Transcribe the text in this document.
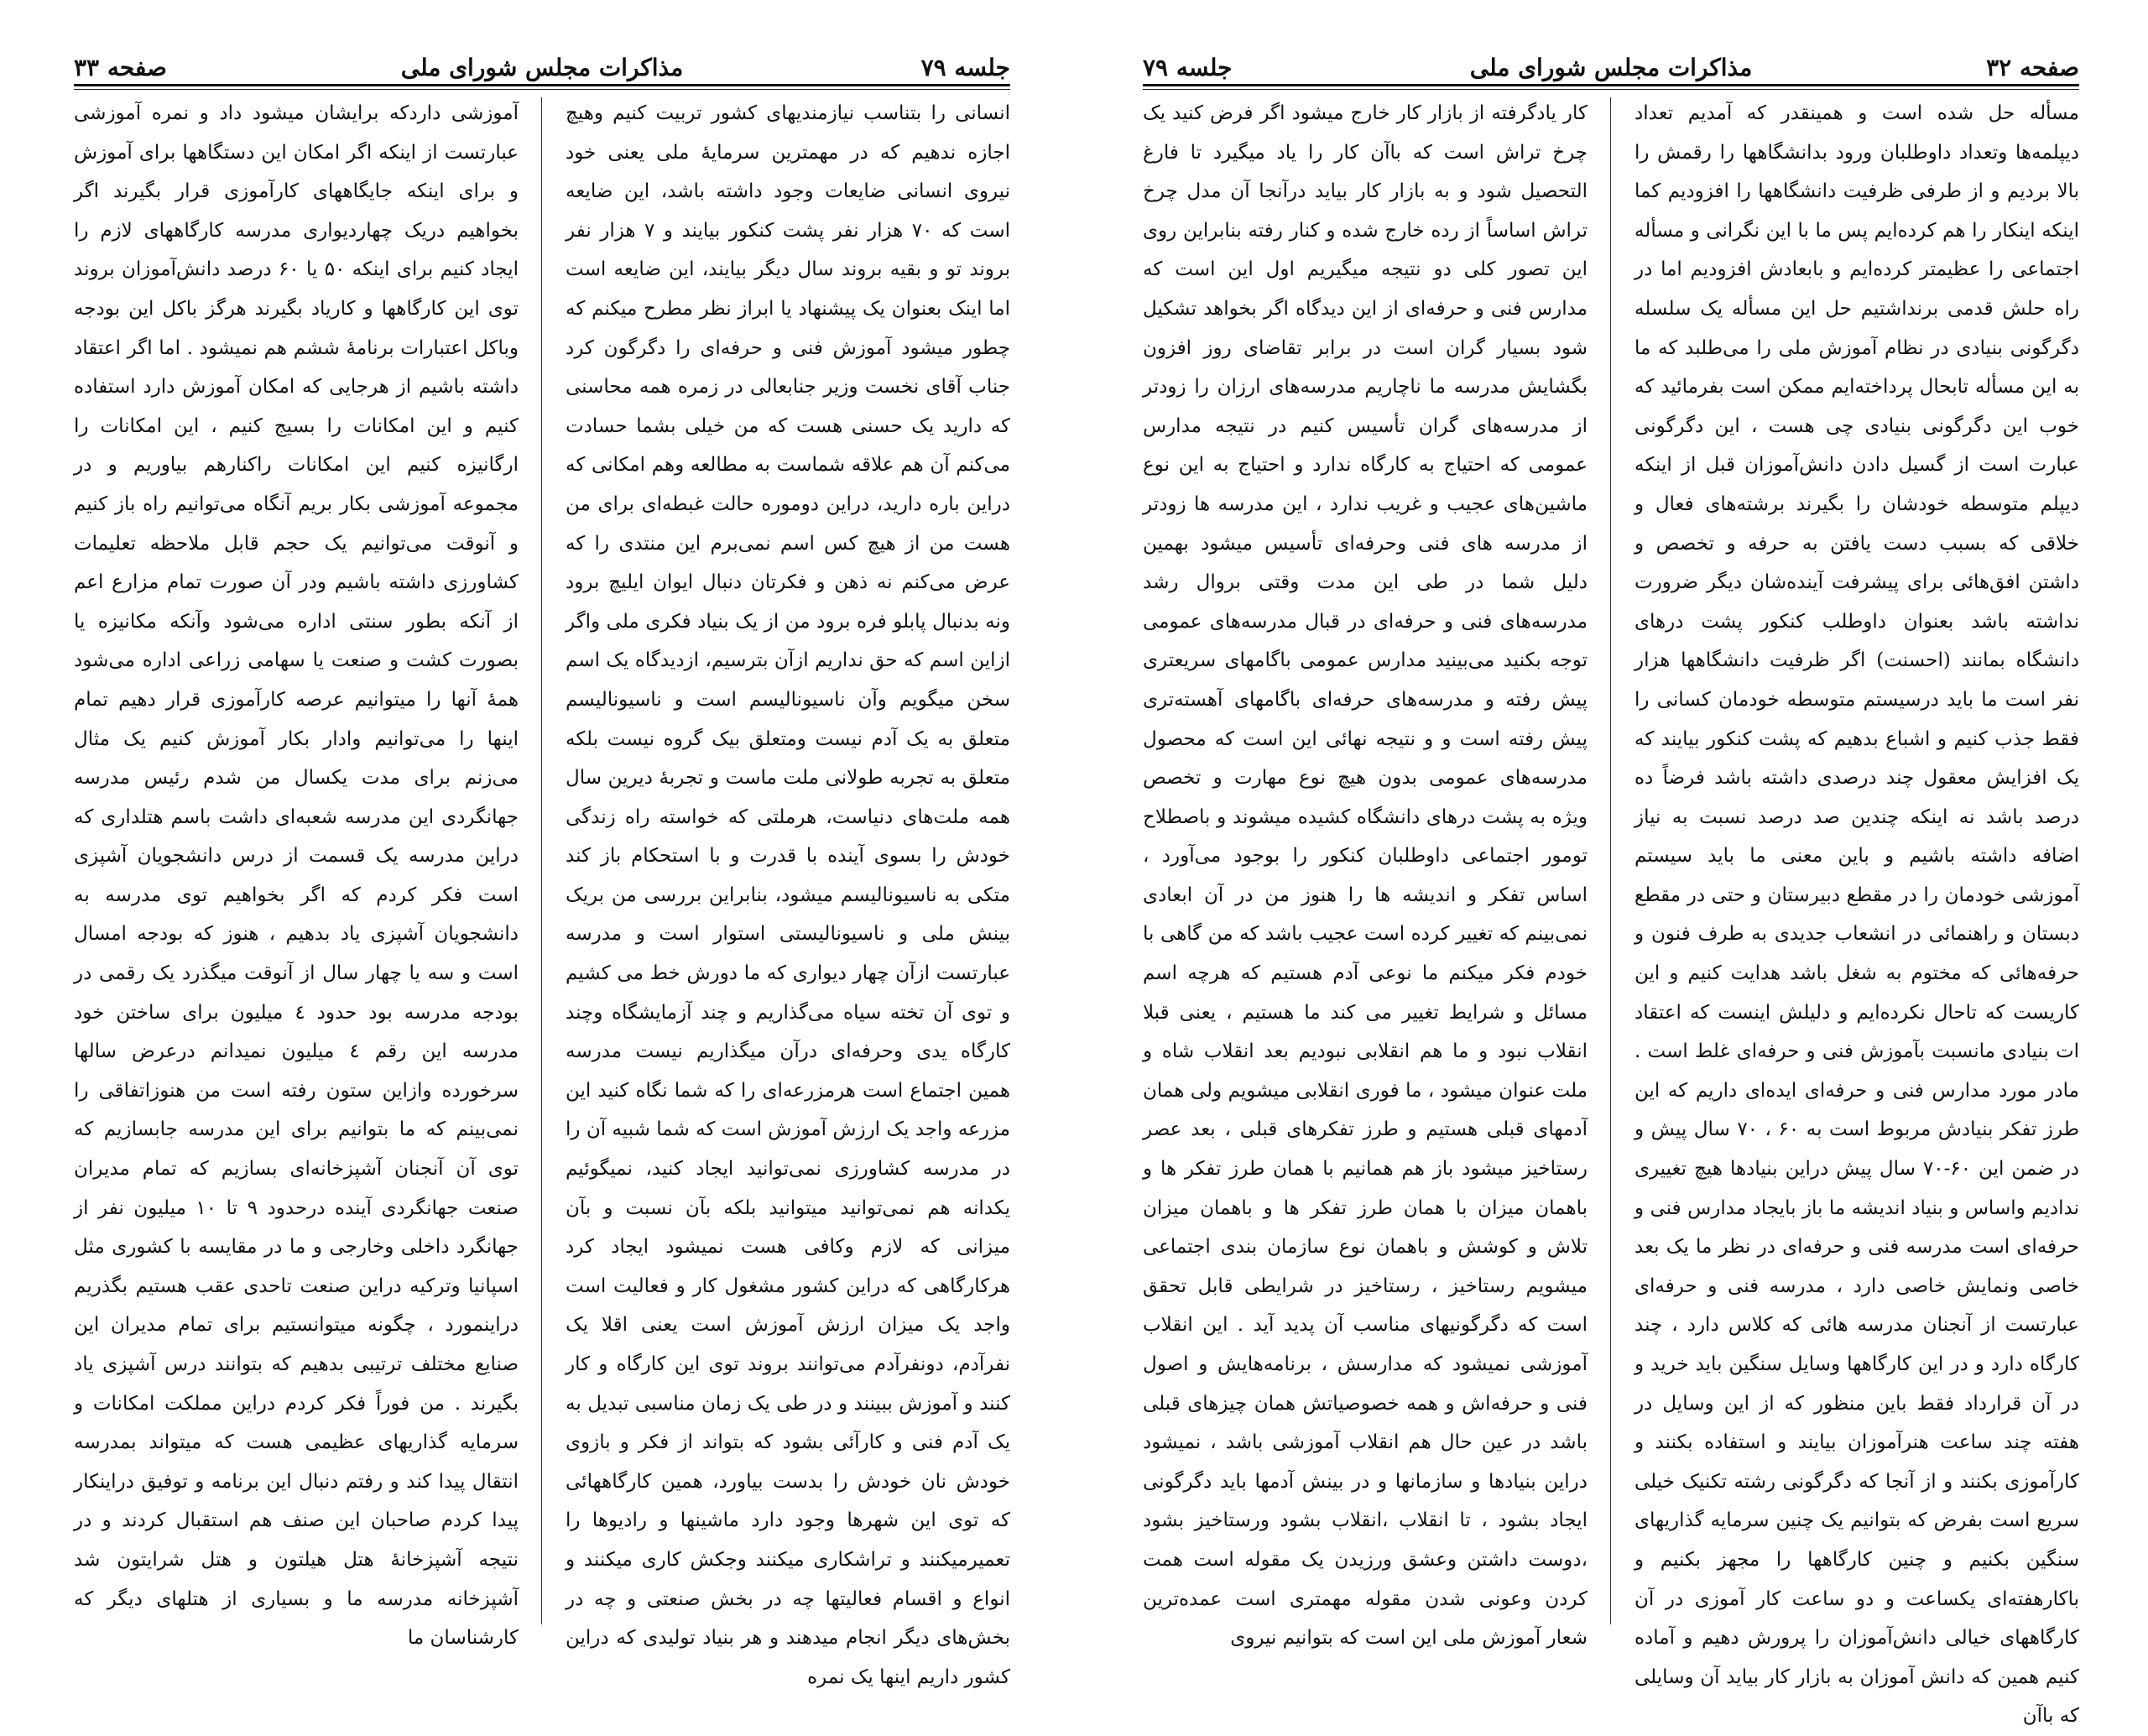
جلسه ۷۹
مذاکرات مجلس شورای ملی
صفحه ۳۳
انسانی را بتناسب نیازمندیهای کشور تربیت کنیم وهیچ اجازه ندهیم که در مهمترین سرمایهٔ ملی یعنی خود نیروی انسانی ضایعات وجود داشته باشد، این ضایعه است که ۷۰ هزار نفر پشت کنکور بیایند و ۷ هزار نفر بروند تو و بقیه بروند سال دیگر بیایند، این ضایعه است اما اینک بعنوان یک پیشنهاد یا ابراز نظر مطرح میکنم که چطور میشود آموزش فنی و حرفه‌ای را دگرگون کرد جناب آقای نخست وزیر جنابعالی در زمره همه محاسنی که دارید یک حسنی هست که من خیلی بشما حسادت می‌کنم آن هم علاقه شماست به مطالعه وهم امکانی که دراین باره دارید، دراین دوموره حالت غبطه‌ای برای من هست من از هیچ کس اسم نمی‌برم این منتدی را که عرض می‌کنم نه ذهن و فکرتان دنبال ایوان ایلیچ برود ونه بدنبال پابلو فره برود من از یک بنیاد فکری ملی واگر ازاین اسم که حق نداریم ازآن بترسیم، ازدیدگاه یک اسم سخن میگویم وآن ناسیونالیسم است و ناسیونالیسم متعلق به یک آدم نیست ومتعلق بیک گروه نیست بلکه متعلق به تجربه طولانی ملت ماست و تجربهٔ دیرین سال همه ملت‌های دنیاست، هرملتی که خواسته راه زندگی خودش را بسوی آینده با قدرت و با استحکام باز کند متکی به ناسیونالیسم میشود، بنابراین بررسی من بریک بینش ملی و ناسیونالیستی استوار است و مدرسه عبارتست ازآن چهار دیواری که ما دورش خط می کشیم و توی آن تخته سیاه می‌گذاریم و چند آزمایشگاه وچند کارگاه یدی وحرفه‌ای درآن میگذاریم نیست مدرسه همین اجتماع است هرمزرعه‌ای را که شما نگاه کنید این مزرعه واجد یک ارزش آموزش است که شما شبیه آن را در مدرسه کشاورزی نمی‌توانید ایجاد کنید، نمیگوئیم یکدانه هم نمی‌توانید میتوانید بلکه بآن نسبت و بآن میزانی که لازم وکافی هست نمیشود ایجاد کرد هرکارگاهی که دراین کشور مشغول کار و فعالیت است واجد یک میزان ارزش آموزش است یعنی اقلا یک نفرآدم، دونفرآدم می‌توانند بروند توی این کارگاه و کار کنند و آموزش ببینند و در طی یک زمان مناسبی تبدیل به یک آدم فنی و کارآئی بشود که بتواند از فکر و بازوی خودش نان خودش را بدست بیاورد، همین کارگاههائی که توی این شهرها وجود دارد ماشینها و رادیوها را تعمیرمیکنند و تراشکاری میکنند وجکش کاری میکنند و انواع و اقسام فعالیتها چه در بخش صنعتی و چه در بخش‌های دیگر انجام میدهند و هر بنیاد تولیدی که دراین کشور داریم اینها یک نمره
آموزشی داردکه برایشان میشود داد و نمره آموزشی عبارتست از اینکه اگر امکان این دستگاهها برای آموزش و برای اینکه جایگاههای کارآموزی قرار بگیرند اگر بخواهیم دریک چهاردیواری مدرسه کارگاههای لازم را ایجاد کنیم برای اینکه ۵۰ یا ۶۰ درصد دانش‌آموزان بروند توی این کارگاهها و کاریاد بگیرند هرگز باکل این بودجه وباکل اعتبارات برنامهٔ ششم هم نمیشود . اما اگر اعتقاد داشته باشیم از هرجایی که امکان آموزش دارد استفاده کنیم و این امکانات را بسیج کنیم ، این امکانات را ارگانیزه کنیم این امکانات راکنارهم بیاوریم و در مجموعه آموزشی بکار بریم آنگاه می‌توانیم راه باز کنیم و آنوقت می‌توانیم یک حجم قابل ملاحظه تعلیمات کشاورزی داشته باشیم ودر آن صورت تمام مزارع اعم از آنکه بطور سنتی اداره می‌شود وآنکه مکانیزه یا بصورت کشت و صنعت یا سهامی زراعی اداره می‌شود همهٔ آنها را میتوانیم عرصه کارآموزی قرار دهیم تمام اینها را می‌توانیم وادار بکار آموزش کنیم یک مثال می‌زنم برای مدت یکسال من شدم رئیس مدرسه جهانگردی این مدرسه شعبه‌ای داشت باسم هتلداری که دراین مدرسه یک قسمت از درس دانشجویان آشپزی است فکر کردم که اگر بخواهیم توی مدرسه به دانشجویان آشپزی یاد بدهیم ، هنوز که بودجه امسال است و سه یا چهار سال از آنوقت میگذرد یک رقمی در بودجه مدرسه بود حدود ٤ میلیون برای ساختن خود مدرسه این رقم ٤ میلیون نمیدانم درعرض سالها سرخورده وازاین ستون رفته است من هنوزاتفاقی را نمی‌بینم که ما بتوانیم برای این مدرسه جابسازیم که توی آن آنجنان آشپزخانه‌ای بسازیم که تمام مدیران صنعت جهانگردی آینده درحدود ۹ تا ۱۰ میلیون نفر از جهانگرد داخلی وخارجی و ما در مقایسه با کشوری مثل اسپانیا وترکیه دراین صنعت تاحدی عقب هستیم بگذریم دراینمورد ، چگونه میتوانستیم برای تمام مدیران این صنایع مختلف ترتیبی بدهیم که بتوانند درس آشپزی یاد بگیرند . من فوراً فکر کردم دراین مملکت امکانات و سرمایه گذاریهای عظیمی هست که میتواند بمدرسه انتقال پیدا کند و رفتم دنبال این برنامه و توفیق دراینکار پیدا کردم صاحبان این صنف هم استقبال کردند و در نتیجه آشپزخانهٔ هتل هیلتون و هتل شرایتون شد آشپزخانه مدرسه ما و بسیاری از هتلهای دیگر که کارشناسان ما
صفحه ۳۲
مذاکرات مجلس شورای ملی
جلسه ۷۹
مسأله حل شده است و همینقدر که آمدیم تعداد دیپلمه‌ها وتعداد داوطلبان ورود بدانشگاهها را رقمش را بالا بردیم و از طرفی ظرفیت دانشگاهها را افزودیم کما اینکه اینکار را هم کرده‌ایم پس ما با این نگرانی و مسأله اجتماعی را عظیمتر کرده‌ایم و بابعادش افزودیم اما در راه حلش قدمی برنداشتیم حل این مسأله یک سلسله دگرگونی بنیادی در نظام آموزش ملی را می‌طلبد که ما به این مسأله تابحال پرداخته‌ایم ممکن است بفرمائید که خوب این دگرگونی بنیادی چی هست ، این دگرگونی عبارت است از گسیل دادن دانش‌آموزان قبل از اینکه دیپلم متوسطه خودشان را بگیرند برشته‌های فعال و خلاقی که بسبب دست یافتن به حرفه و تخصص و داشتن افق‌هائی برای پیشرفت آینده‌شان دیگر ضرورت نداشته باشد بعنوان داوطلب کنکور پشت درهای دانشگاه بمانند (احسنت) اگر ظرفیت دانشگاهها هزار نفر است ما باید درسیستم متوسطه خودمان کسانی را فقط جذب کنیم و اشباع بدهیم که پشت کنکور بیایند که یک افزایش معقول چند درصدی داشته باشد فرضاً ده درصد باشد نه اینکه چندین صد درصد نسبت به نیاز اضافه داشته باشیم و باین معنی ما باید سیستم آموزشی خودمان را در مقطع دبیرستان و حتی در مقطع دبستان و راهنمائی در انشعاب جدیدی به طرف فنون و حرفه‌هائی که مختوم به شغل باشد هدایت کنیم و این کاریست که تاحال نکرده‌ایم و دلیلش اینست که اعتقاد ات بنیادی مانسبت بآموزش فنی و حرفه‌ای غلط است . مادر مورد مدارس فنی و حرفه‌ای ایده‌ای داریم که این طرز تفکر بنیادش مربوط است به ۶۰ ، ۷۰ سال پیش و در ضمن این ۶۰-۷۰ سال پیش دراین بنیادها هیچ تغییری ندادیم واساس و بنیاد اندیشه ما باز بایجاد مدارس فنی و حرفه‌ای است مدرسه فنی و حرفه‌ای در نظر ما یک بعد خاصی ونمایش خاصی دارد ، مدرسه فنی و حرفه‌ای عبارتست از آنجنان مدرسه هائی که کلاس دارد ، چند کارگاه دارد و در این کارگاهها وسایل سنگین باید خرید و در آن قرارداد فقط باین منظور که از این وسایل در هفته چند ساعت هنرآموزان بیایند و استفاده بکنند و کارآموزی بکنند و از آنجا که دگرگونی رشته تکنیک خیلی سریع است بفرض که بتوانیم یک چنین سرمایه گذاریهای سنگین بکنیم و چنین کارگاهها را مجهز بکنیم و باکارهفته‌ای یکساعت و دو ساعت کار آموزی در آن کارگاههای خیالی دانش‌آموزان را پرورش دهیم و آماده کنیم همین که دانش آموزان به بازار کار بیاید آن وسایلی که باآن
کار یادگرفته از بازار کار خارج میشود اگر فرض کنید یک چرخ تراش است که باآن کار را یاد میگیرد تا فارغ التحصیل شود و به بازار کار بیاید درآنجا آن مدل چرخ تراش اساساً از رده خارج شده و کنار رفته بنابراین روی این تصور کلی دو نتیجه میگیریم اول این است که مدارس فنی و حرفه‌ای از این دیدگاه اگر بخواهد تشکیل شود بسیار گران است در برابر تقاضای روز افزون بگشایش مدرسه ما ناچاریم مدرسه‌های ارزان را زودتر از مدرسه‌های گران تأسیس کنیم در نتیجه مدارس عمومی که احتیاج به کارگاه ندارد و احتیاج به این نوع ماشین‌های عجیب و غریب ندارد ، این مدرسه ها زودتر از مدرسه های فنی وحرفه‌ای تأسیس میشود بهمین دلیل شما در طی این مدت وقتی بروال رشد مدرسه‌های فنی و حرفه‌ای در قبال مدرسه‌های عمومی توجه بکنید می‌بینید مدارس عمومی باگامهای سریعتری پیش رفته و مدرسه‌های حرفه‌ای باگامهای آهسته‌تری پیش رفته است و و نتیجه نهائی این است که محصول مدرسه‌های عمومی بدون هیچ نوع مهارت و تخصص ویژه به پشت درهای دانشگاه کشیده میشوند و باصطلاح تومور اجتماعی داوطلبان کنکور را بوجود می‌آورد ، اساس تفکر و اندیشه ها را هنوز من در آن ابعادی نمی‌بینم که تغییر کرده است عجیب باشد که من گاهی با خودم فکر میکنم ما نوعی آدم هستیم که هرچه اسم مسائل و شرایط تغییر می کند ما هستیم ، یعنی قبلا انقلاب نبود و ما هم انقلابی نبودیم بعد انقلاب شاه و ملت عنوان میشود ، ما فوری انقلابی میشویم ولی همان آدمهای قبلی هستیم و طرز تفکرهای قبلی ، بعد عصر رستاخیز میشود باز هم همانیم با همان طرز تفکر ها و باهمان میزان با همان طرز تفکر ها و باهمان میزان تلاش و کوشش و باهمان نوع سازمان بندی اجتماعی میشویم رستاخیز ، رستاخیز در شرایطی قابل تحقق است که دگرگونیهای مناسب آن پدید آید . این انقلاب آموزشی نمیشود که مدارسش ، برنامه‌هایش و اصول فنی و حرفه‌اش و همه خصوصیاتش همان چیزهای قبلی باشد در عین حال هم انقلاب آموزشی باشد ، نمیشود دراین بنیادها و سازمانها و در بینش آدمها باید دگرگونی ایجاد بشود ، تا انقلاب ،انقلاب بشود ورستاخیز بشود ،دوست داشتن وعشق ورزیدن یک مقوله است همت کردن وعونی شدن مقوله مهمتری است عمده‌ترین شعار آموزش ملی این است که بتوانیم نیروی
